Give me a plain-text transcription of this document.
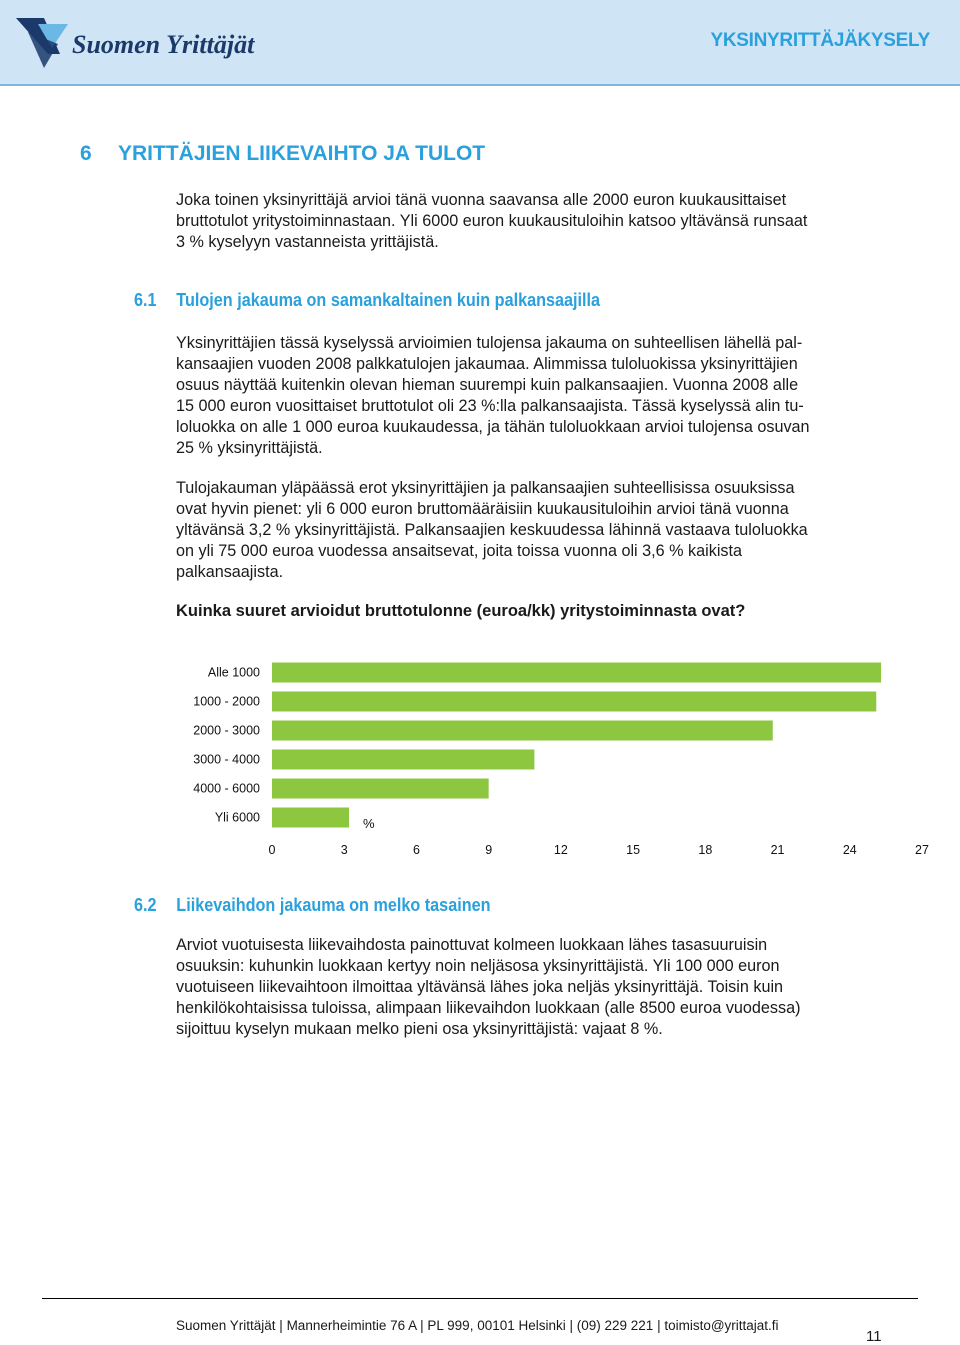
Suomen Yrittäjät	YKSINYRITTÄJÄKYSELY
6 YRITTÄJIEN LIIKEVAIHTO JA TULOT
Joka toinen yksinyrittäjä arvioi tänä vuonna saavansa alle 2000 euron kuukausittaiset
bruttotulot yritystoiminnastaan. Yli 6000 euron kuukausituloihin katsoo yltävänsä runsaat
3 % kyselyyn vastanneista yrittäjistä.
6.1 Tulojen jakauma on samankaltainen kuin palkansaajilla
Yksinyrittäjien tässä kyselyssä arvioimien tulojensa jakauma on suhteellisen lähellä pal-
kansaajien vuoden 2008 palkkatulojen jakaumaa. Alimmissa tuloluokissa yksinyrittäjien
osuus näyttää kuitenkin olevan hieman suurempi kuin palkansaajien. Vuonna 2008 alle
15 000 euron vuosittaiset bruttotulot oli 23 %:lla palkansaajista. Tässä kyselyssä alin tu-
loluokka on alle 1 000 euroa kuukaudessa, ja tähän tuloluokkaan arvioi tulojensa osuvan
25 % yksinyrittäjistä.
Tulojakauman yläpäässä erot yksinyrittäjien ja palkansaajien suhteellisissa osuuksissa
ovat hyvin pienet: yli 6 000 euron bruttomääräisiin kuukausituloihin arvioi tänä vuonna
yltävänsä 3,2 % yksinyrittäjistä. Palkansaajien keskuudessa lähinnä vastaava tuloluokka
on yli 75 000 euroa vuodessa ansaitsevat, joita toissa vuonna oli 3,6 % kaikista
palkansaajista.
Kuinka suuret arvioidut bruttotulonne (euroa/kk) yritystoiminnasta ovat?
Alle 1000
1000 - 2000
2000 - 3000
3000 - 4000
4000 - 6000
Yli 6000	%
0	3	6	9	12	15	18	21	24	27
6.2 Liikevaihdon jakauma on melko tasainen
Arviot vuotuisesta liikevaihdosta painottuvat kolmeen luokkaan lähes tasasuuruisin
osuuksin: kuhunkin luokkaan kertyy noin neljäsosa yksinyrittäjistä. Yli 100 000 euron
vuotuiseen liikevaihtoon ilmoittaa yltävänsä lähes joka neljäs yksinyrittäjä. Toisin kuin
henkilökohtaisissa tuloissa, alimpaan liikevaihdon luokkaan (alle 8500 euroa vuodessa)
sijoittuu kyselyn mukaan melko pieni osa yksinyrittäjistä: vajaat 8 %.
Suomen Yrittäjät | Mannerheimintie 76 A | PL 999, 00101 Helsinki | (09) 229 221 | toimisto@yrittajat.fi
11
